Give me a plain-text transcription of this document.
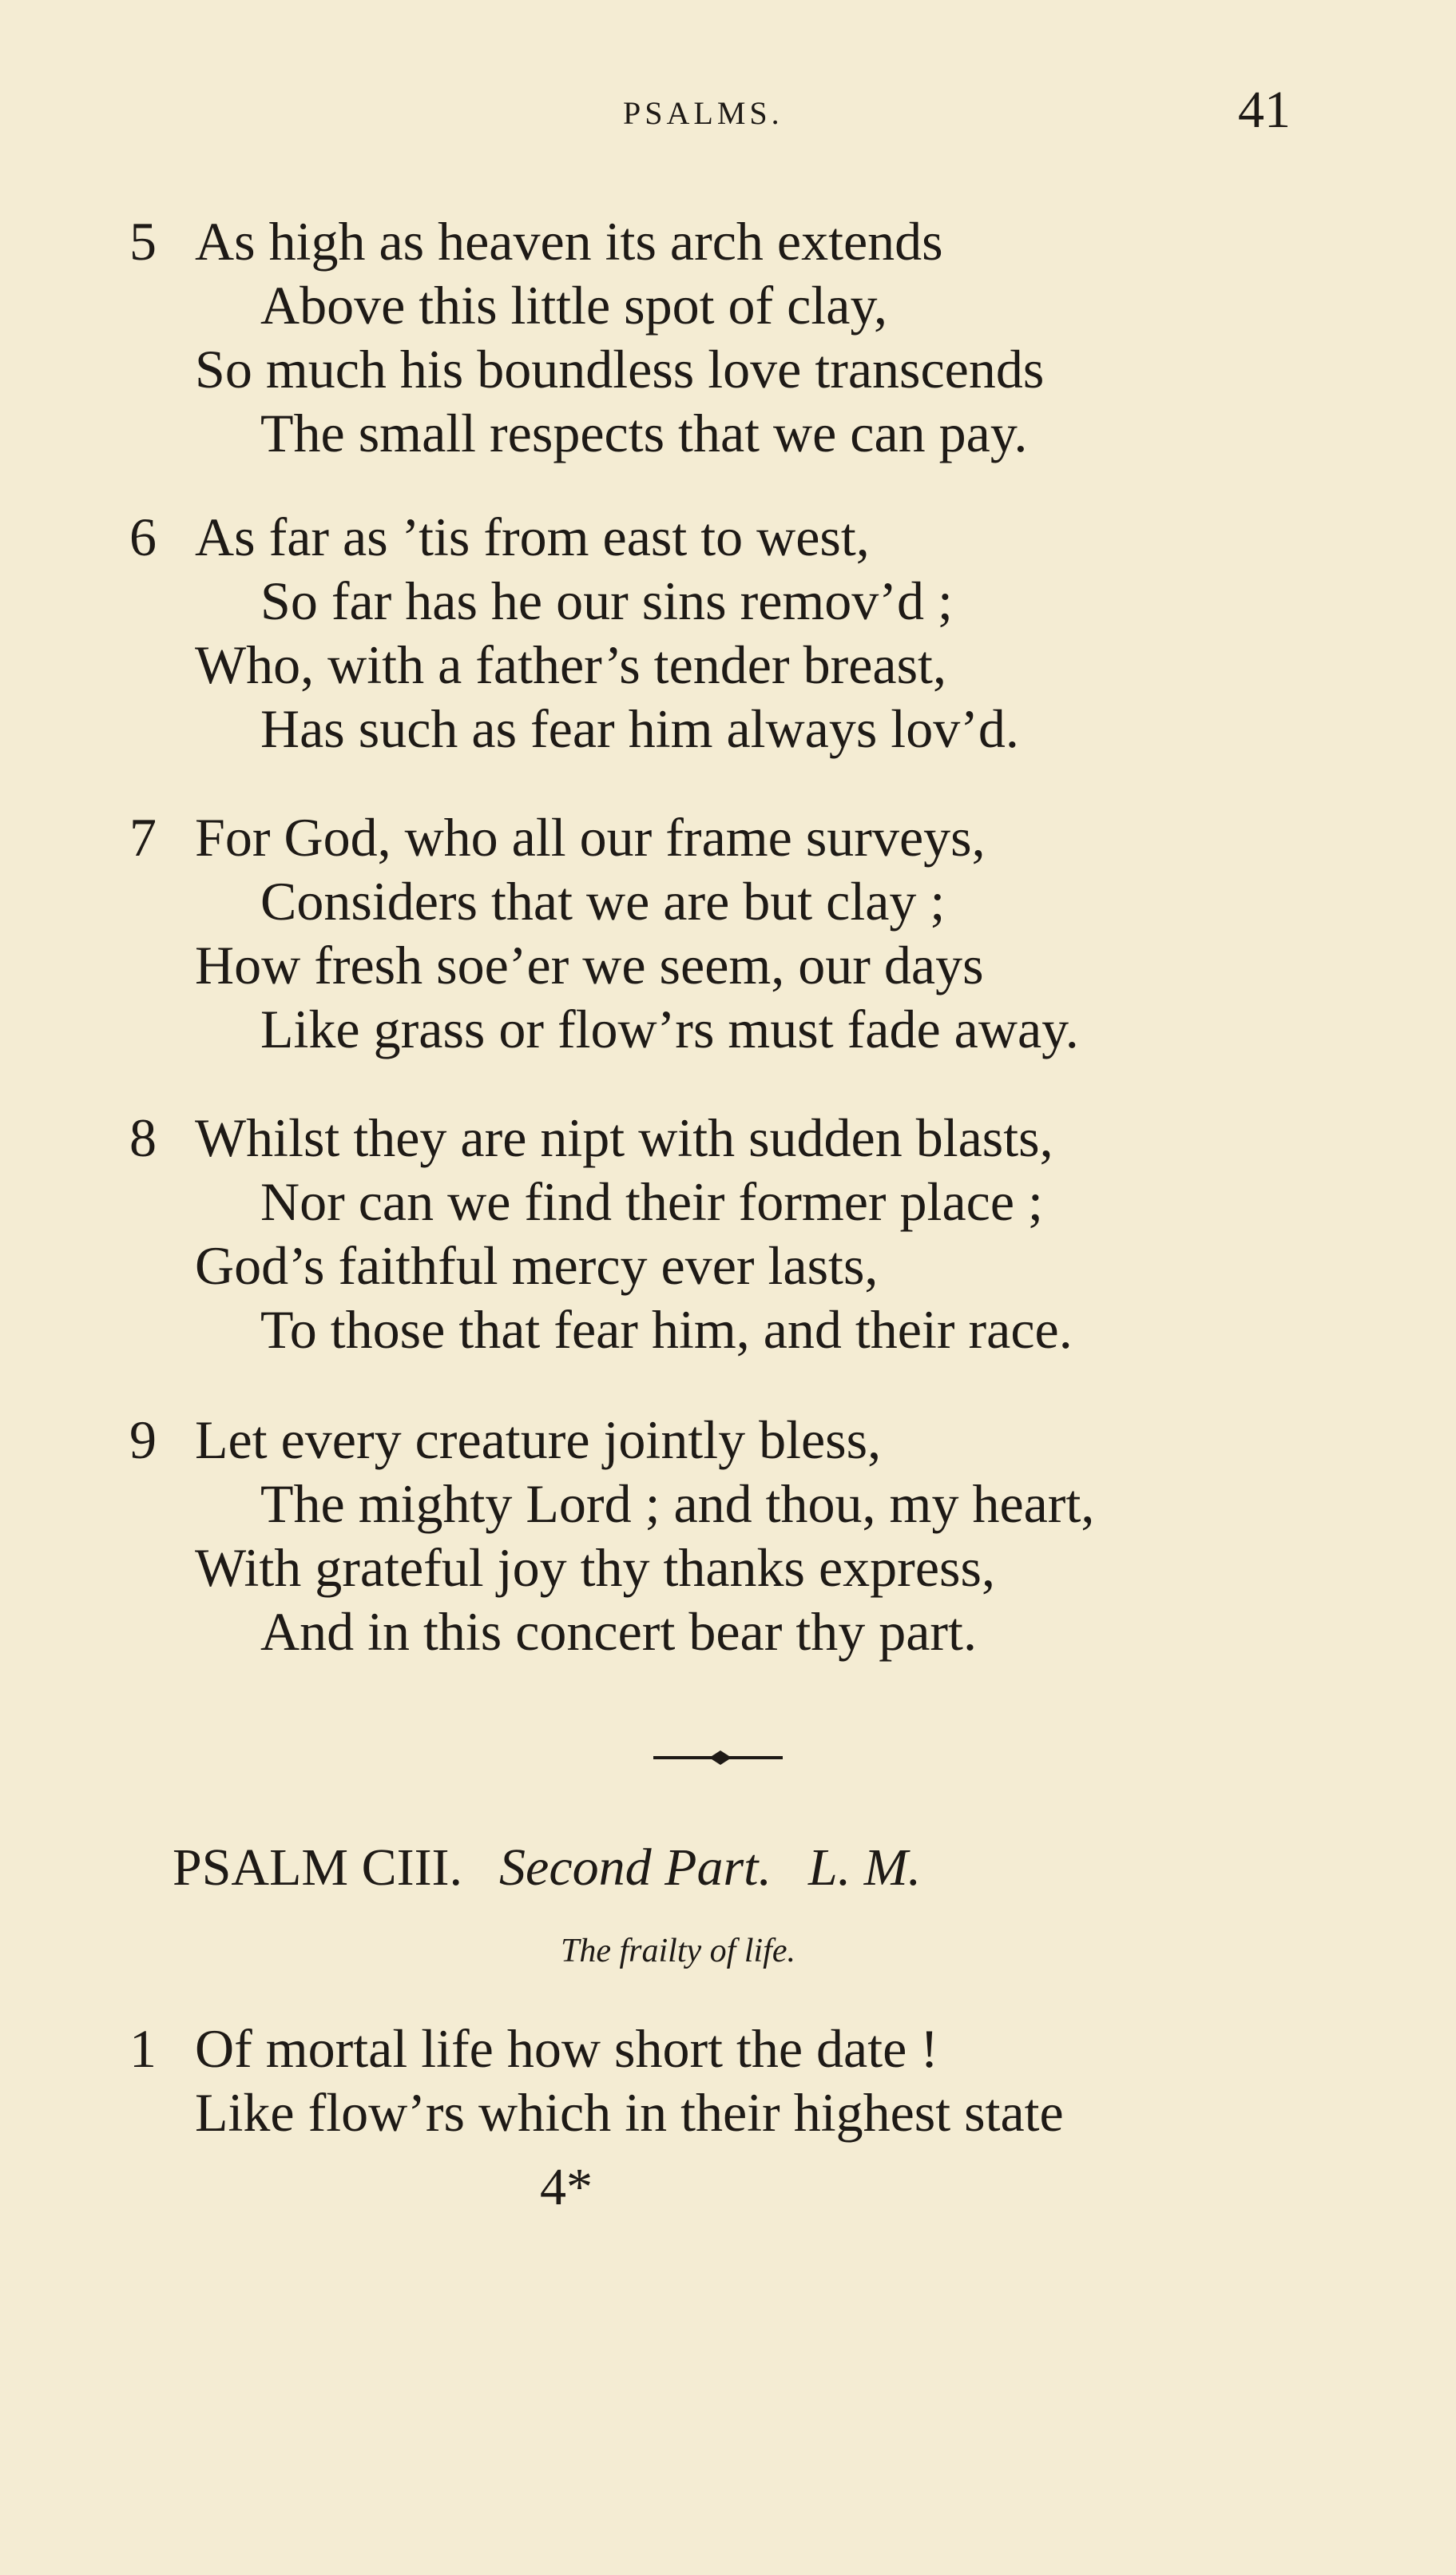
PSALMS.	41
5 As high as heaven its arch extends
Above this little spot of clay,
So much his boundless love transcends
The small respects that we can pay.
6 As far as ’tis from east to west,
So far has he our sins remov’d ;
Who, with a father’s tender breast,
Has such as fear him always lov’d.
7 For God, who all our frame surveys,
Considers that we are but clay ;
How fresh soe’er we seem, our days
Like grass or flow’rs must fade away.
8 Whilst they are nipt with sudden blasts,
Nor can we find their former place ;
God’s faithful mercy ever lasts,
To those that fear him, and their race.
9 Let every creature jointly bless,
The mighty Lord ; and thou, my heart,
With grateful joy thy thanks express,
And in this concert bear thy part.
PSALM CIII. Second Part. L. M.
The frailty of life.
1 Of mortal life how short the date !
Like flow’rs which in their highest state
4*
